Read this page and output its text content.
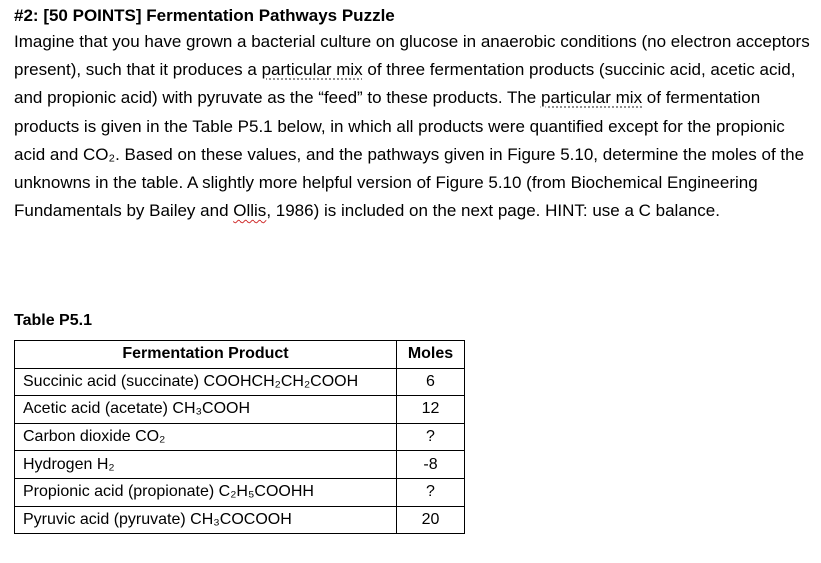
#2: [50 POINTS] Fermentation Pathways Puzzle

Imagine that you have grown a bacterial culture on glucose in anaerobic conditions (no electron acceptors present), such that it produces a particular mix of three fermentation products (succinic acid, acetic acid, and propionic acid) with pyruvate as the “feed” to these products. The particular mix of fermentation products is given in the Table P5.1 below, in which all products were quantified except for the propionic acid and CO₂. Based on these values, and the pathways given in Figure 5.10, determine the moles of the unknowns in the table. A slightly more helpful version of Figure 5.10 (from Biochemical Engineering Fundamentals by Bailey and Ollis, 1986) is included on the next page. HINT: use a C balance.

Table P5.1

Fermentation Product	Moles
Succinic acid (succinate) COOHCH₂CH₂COOH	6
Acetic acid (acetate) CH₃COOH	12
Carbon dioxide CO₂	?
Hydrogen H₂	-8
Propionic acid (propionate) C₂H₅COOHH	?
Pyruvic acid (pyruvate) CH₃COCOOH	20
